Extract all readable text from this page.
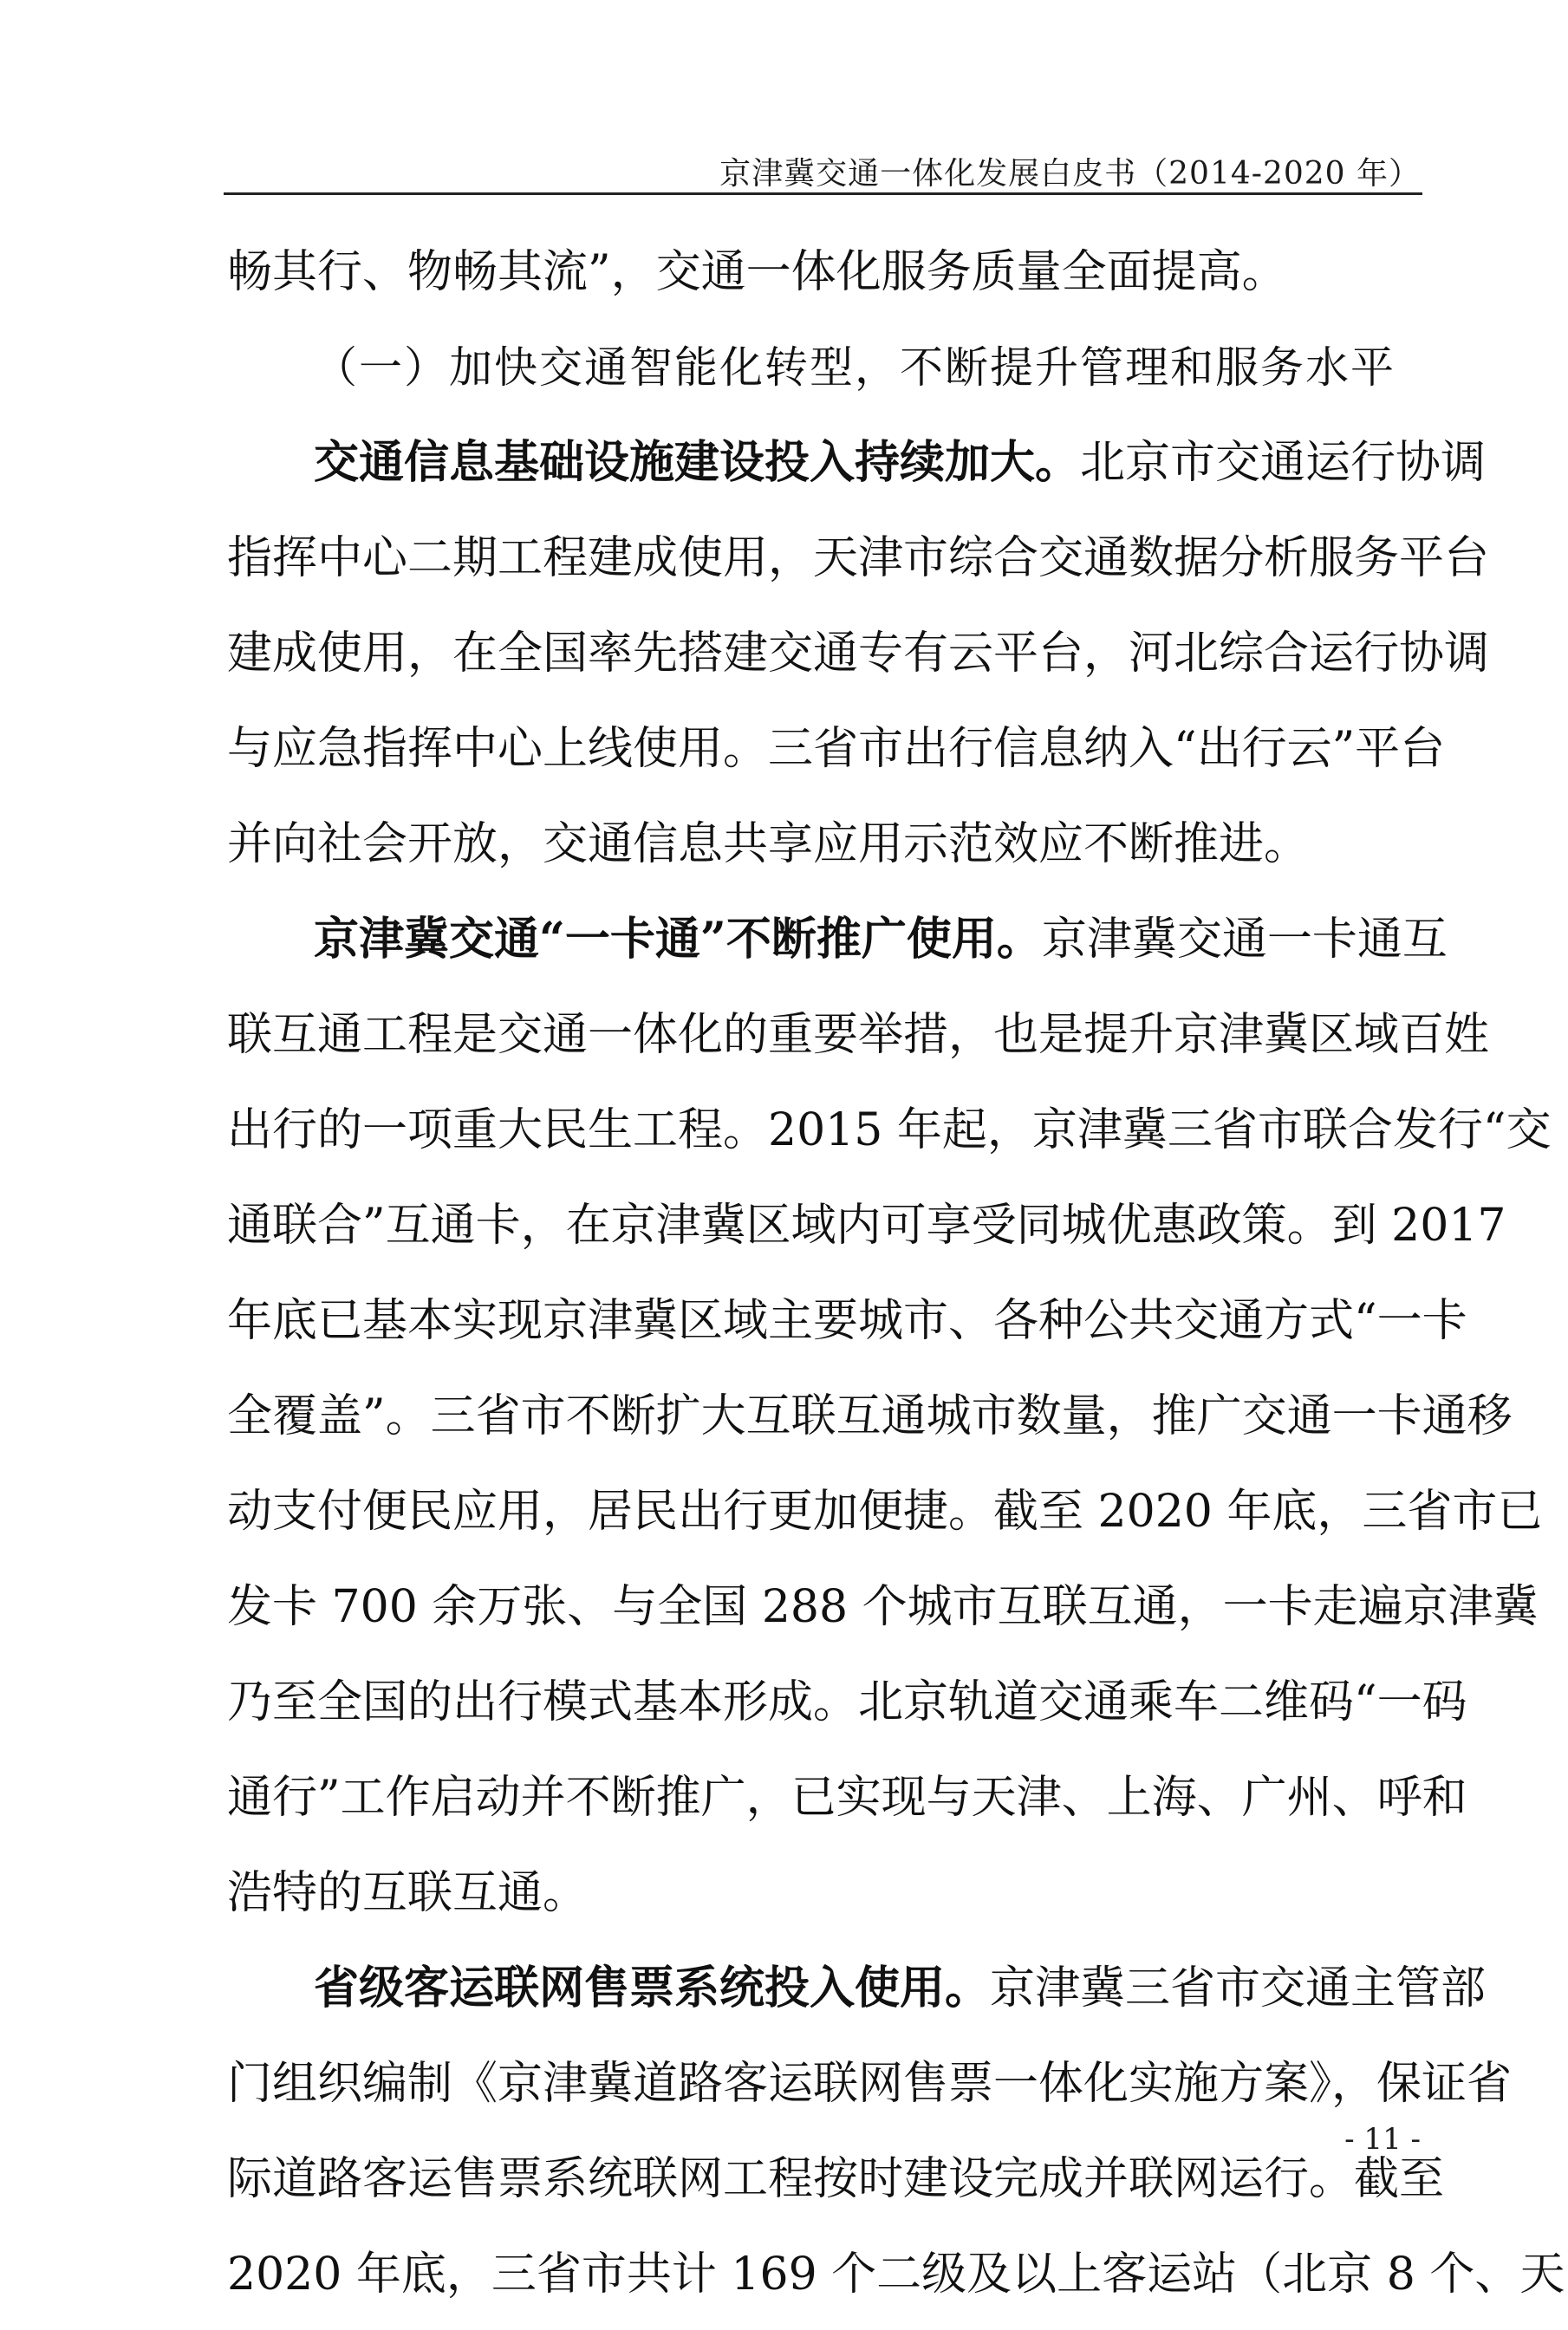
京津冀交通一体化发展白皮书（2014-2020 年）
畅其行、物畅其流”，交通一体化服务质量全面提高。
（一）加快交通智能化转型，不断提升管理和服务水平
交通信息基础设施建设投入持续加大。北京市交通运行协调
指挥中心二期工程建成使用，天津市综合交通数据分析服务平台
建成使用，在全国率先搭建交通专有云平台，河北综合运行协调
与应急指挥中心上线使用。三省市出行信息纳入“出行云”平台
并向社会开放，交通信息共享应用示范效应不断推进。
京津冀交通“一卡通”不断推广使用。京津冀交通一卡通互
联互通工程是交通一体化的重要举措，也是提升京津冀区域百姓
出行的一项重大民生工程。2015 年起，京津冀三省市联合发行“交
通联合”互通卡，在京津冀区域内可享受同城优惠政策。到 2017
年底已基本实现京津冀区域主要城市、各种公共交通方式“一卡
全覆盖”。三省市不断扩大互联互通城市数量，推广交通一卡通移
动支付便民应用，居民出行更加便捷。截至 2020 年底，三省市已
发卡 700 余万张、与全国 288 个城市互联互通，一卡走遍京津冀
乃至全国的出行模式基本形成。北京轨道交通乘车二维码“一码
通行”工作启动并不断推广，已实现与天津、上海、广州、呼和
浩特的互联互通。
省级客运联网售票系统投入使用。京津冀三省市交通主管部
门组织编制《京津冀道路客运联网售票一体化实施方案》，保证省
际道路客运售票系统联网工程按时建设完成并联网运行。截至
2020 年底，三省市共计 169 个二级及以上客运站（北京 8 个、天
- 11 -
